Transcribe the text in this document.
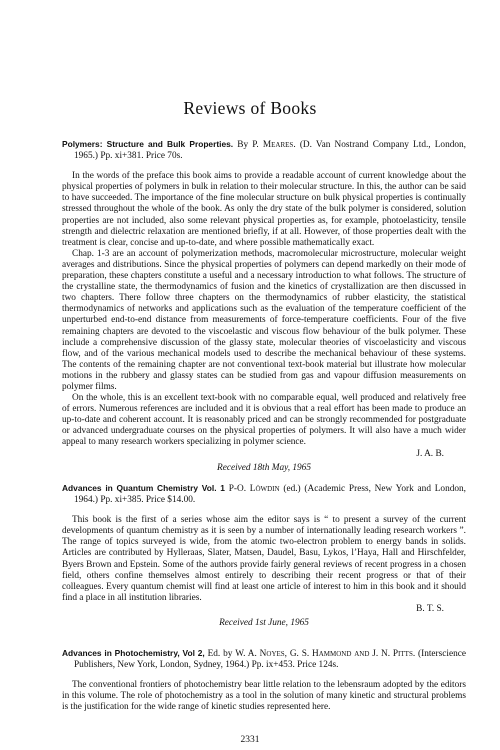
Reviews of Books

Polymers: Structure and Bulk Properties. By P. Meares. (D. Van Nostrand Company Ltd., London, 1965.) Pp. xi+381. Price 70s.

In the words of the preface this book aims to provide a readable account of current knowledge about the physical properties of polymers in bulk in relation to their molecular structure. In this, the author can be said to have succeeded. The importance of the fine molecular structure on bulk physical properties is continually stressed throughout the whole of the book. As only the dry state of the bulk polymer is considered, solution properties are not included, also some relevant physical properties as, for example, photoelasticity, tensile strength and dielectric relaxation are mentioned briefly, if at all. However, of those properties dealt with the treatment is clear, concise and up-to-date, and where possible mathematically exact.

Chap. 1-3 are an account of polymerization methods, macromolecular microstructure, molecular weight averages and distributions. Since the physical properties of polymers can depend markedly on their mode of preparation, these chapters constitute a useful and a necessary introduction to what follows. The structure of the crystalline state, the thermodynamics of fusion and the kinetics of crystallization are then discussed in two chapters. There follow three chapters on the thermodynamics of rubber elasticity, the statistical thermodynamics of networks and applications such as the evaluation of the temperature coefficient of the unperturbed end-to-end distance from measurements of force-temperature coefficients. Four of the five remaining chapters are devoted to the viscoelastic and viscous flow behaviour of the bulk polymer. These include a comprehensive discussion of the glassy state, molecular theories of viscoelasticity and viscous flow, and of the various mechanical models used to describe the mechanical behaviour of these systems. The contents of the remaining chapter are not conventional text-book material but illustrate how molecular motions in the rubbery and glassy states can be studied from gas and vapour diffusion measurements on polymer films.

On the whole, this is an excellent text-book with no comparable equal, well produced and relatively free of errors. Numerous references are included and it is obvious that a real effort has been made to produce an up-to-date and coherent account. It is reasonably priced and can be strongly recommended for postgraduate or advanced undergraduate courses on the physical properties of polymers. It will also have a much wider appeal to many research workers specializing in polymer science.

J. A. B.

Received 18th May, 1965

Advances in Quantum Chemistry Vol. 1 P-O. Löwdin (ed.) (Academic Press, New York and London, 1964.) Pp. xi+385. Price $14.00.

This book is the first of a series whose aim the editor says is “ to present a survey of the current developments of quantum chemistry as it is seen by a number of internationally leading research workers ”. The range of topics surveyed is wide, from the atomic two-electron problem to energy bands in solids. Articles are contributed by Hylleraas, Slater, Matsen, Daudel, Basu, Lykos, l’Haya, Hall and Hirschfelder, Byers Brown and Epstein. Some of the authors provide fairly general reviews of recent progress in a chosen field, others confine themselves almost entirely to describing their recent progress or that of their colleagues. Every quantum chemist will find at least one article of interest to him in this book and it should find a place in all institution libraries.

B. T. S.

Received 1st June, 1965

Advances in Photochemistry, Vol 2, Ed. by W. A. Noyes, G. S. Hammond and J. N. Pitts. (Interscience Publishers, New York, London, Sydney, 1964.) Pp. ix+453. Price 124s.

The conventional frontiers of photochemistry bear little relation to the lebensraum adopted by the editors in this volume. The role of photochemistry as a tool in the solution of many kinetic and structural problems is the justification for the wide range of kinetic studies represented here.

2331
